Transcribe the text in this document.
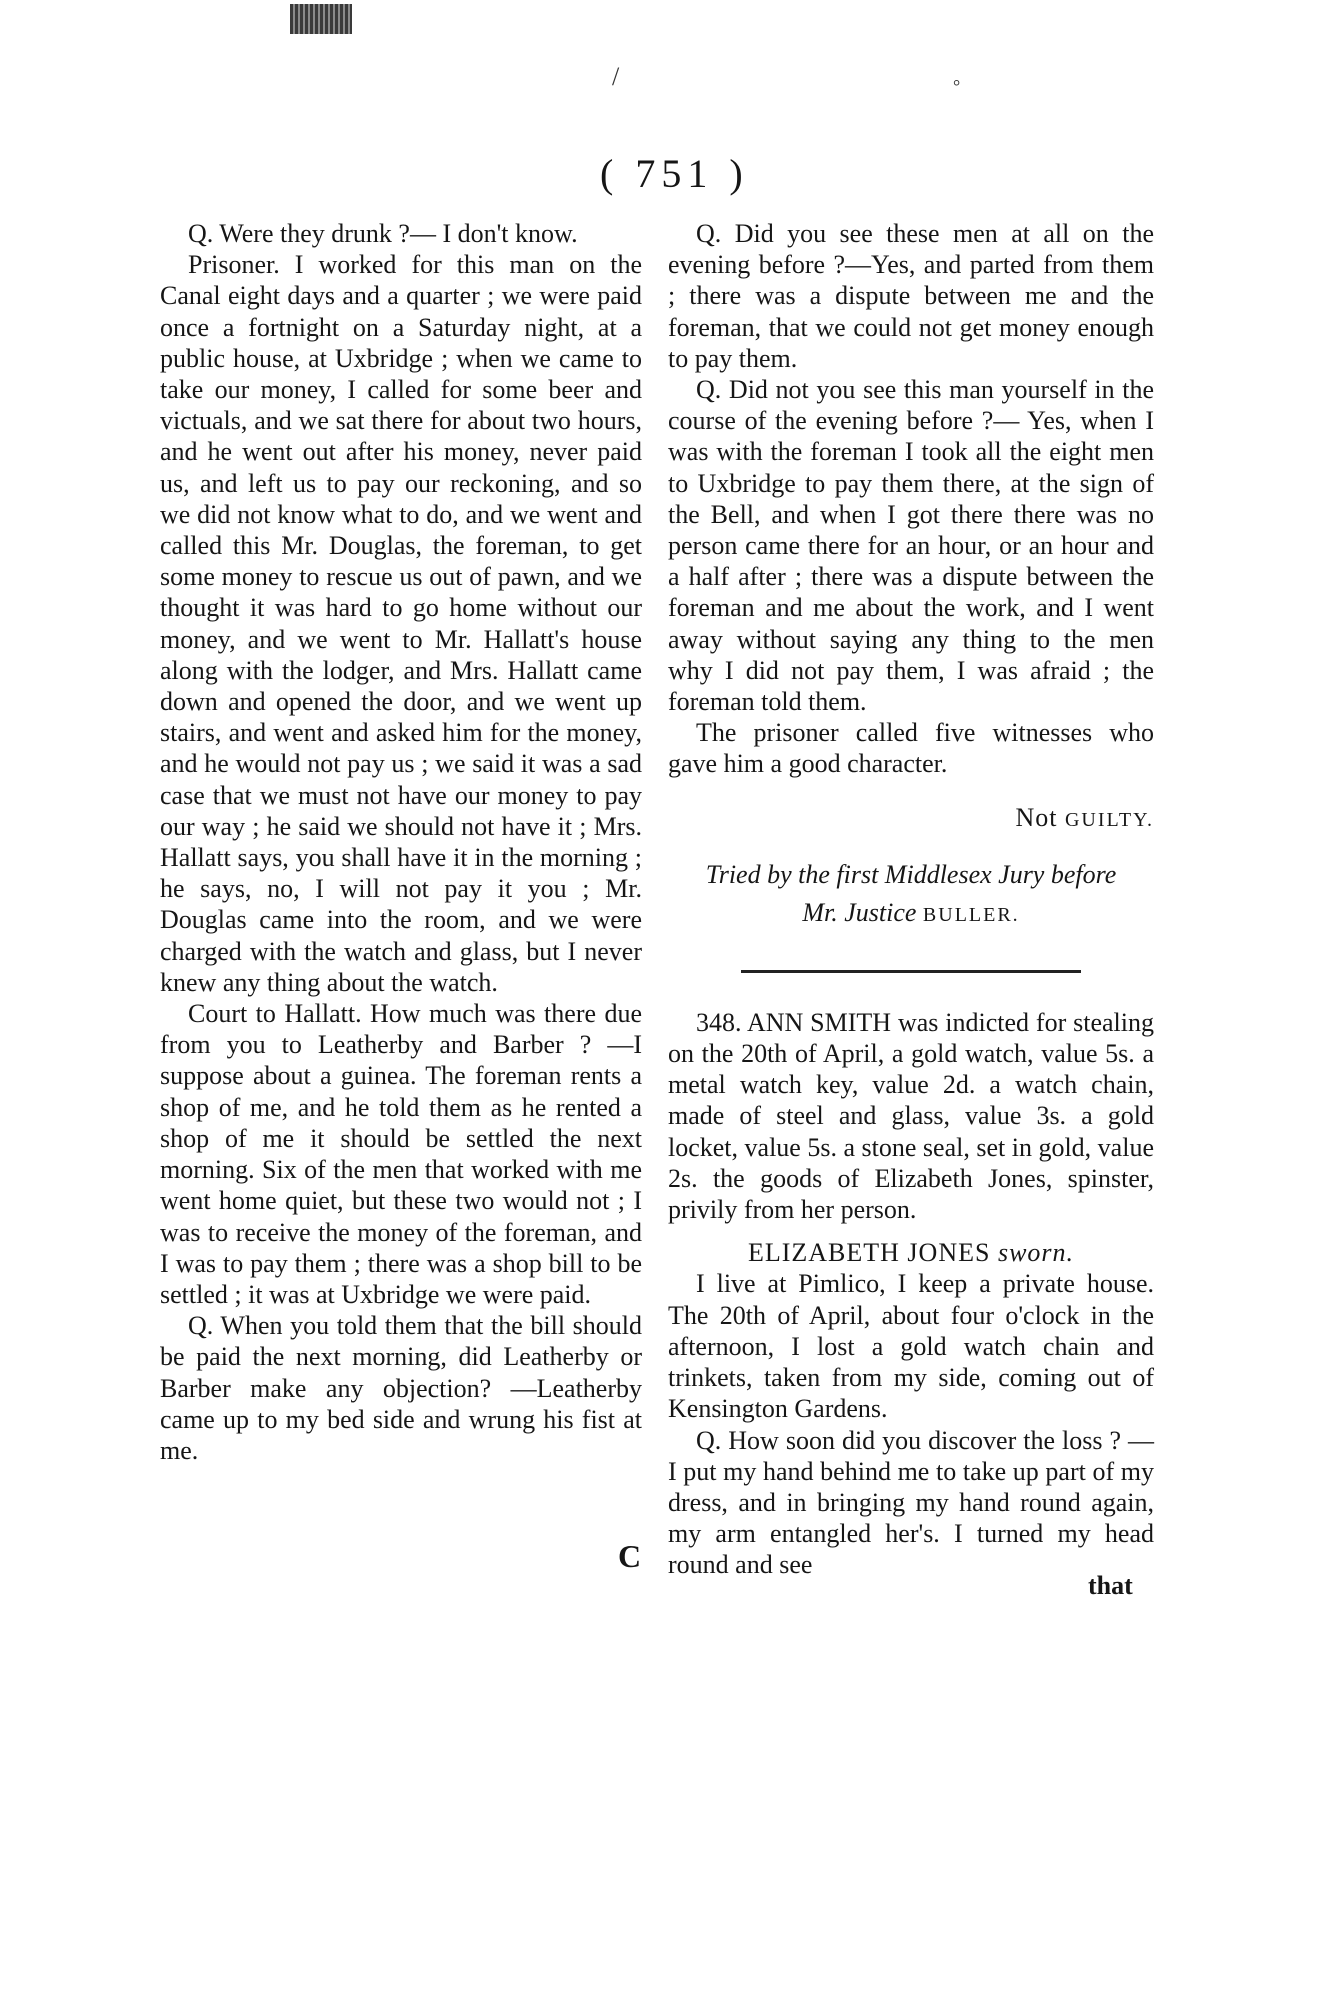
/	°
( 751 )

Q. Were they drunk ?— I don't know.

Prisoner. I worked for this man on the Canal eight days and a quarter ; we were paid once a fortnight on a Saturday night, at a public house, at Uxbridge ; when we came to take our money, I called for some beer and victuals, and we sat there for about two hours, and he went out after his money, never paid us, and left us to pay our reckoning, and so we did not know what to do, and we went and called this Mr. Douglas, the foreman, to get some money to rescue us out of pawn, and we thought it was hard to go home without our money, and we went to Mr. Hallatt's house along with the lodger, and Mrs. Hallatt came down and opened the door, and we went up stairs, and went and asked him for the money, and he would not pay us ; we said it was a sad case that we must not have our money to pay our way ; he said we should not have it ; Mrs. Hallatt says, you shall have it in the morning ; he says, no, I will not pay it you ; Mr. Douglas came into the room, and we were charged with the watch and glass, but I never knew any thing about the watch.

Court to Hallatt. How much was there due from you to Leatherby and Barber ? —I suppose about a guinea. The foreman rents a shop of me, and he told them as he rented a shop of me it should be settled the next morning. Six of the men that worked with me went home quiet, but these two would not ; I was to receive the money of the foreman, and I was to pay them ; there was a shop bill to be settled ; it was at Uxbridge we were paid.

Q. When you told them that the bill should be paid the next morning, did Leatherby or Barber make any objection? —Leatherby came up to my bed side and wrung his fist at me.

Q. Did you see these men at all on the evening before ?—Yes, and parted from them ; there was a dispute between me and the foreman, that we could not get money enough to pay them.

Q. Did not you see this man yourself in the course of the evening before ?— Yes, when I was with the foreman I took all the eight men to Uxbridge to pay them there, at the sign of the Bell, and when I got there there was no person came there for an hour, or an hour and a half after ; there was a dispute between the foreman and me about the work, and I went away without saying any thing to the men why I did not pay them, I was afraid ; the foreman told them.

The prisoner called five witnesses who gave him a good character.

Not GUILTY.

Tried by the first Middlesex Jury before
Mr. Justice BULLER.

348. ANN SMITH was indicted for stealing on the 20th of April, a gold watch, value 5s. a metal watch key, value 2d. a watch chain, made of steel and glass, value 3s. a gold locket, value 5s. a stone seal, set in gold, value 2s. the goods of Elizabeth Jones, spinster, privily from her person.

ELIZABETH JONES sworn.

I live at Pimlico, I keep a private house. The 20th of April, about four o'clock in the afternoon, I lost a gold watch chain and trinkets, taken from my side, coming out of Kensington Gardens.

Q. How soon did you discover the loss ? —I put my hand behind me to take up part of my dress, and in bringing my hand round again, my arm entangled her's. I turned my head round and see

C
that
